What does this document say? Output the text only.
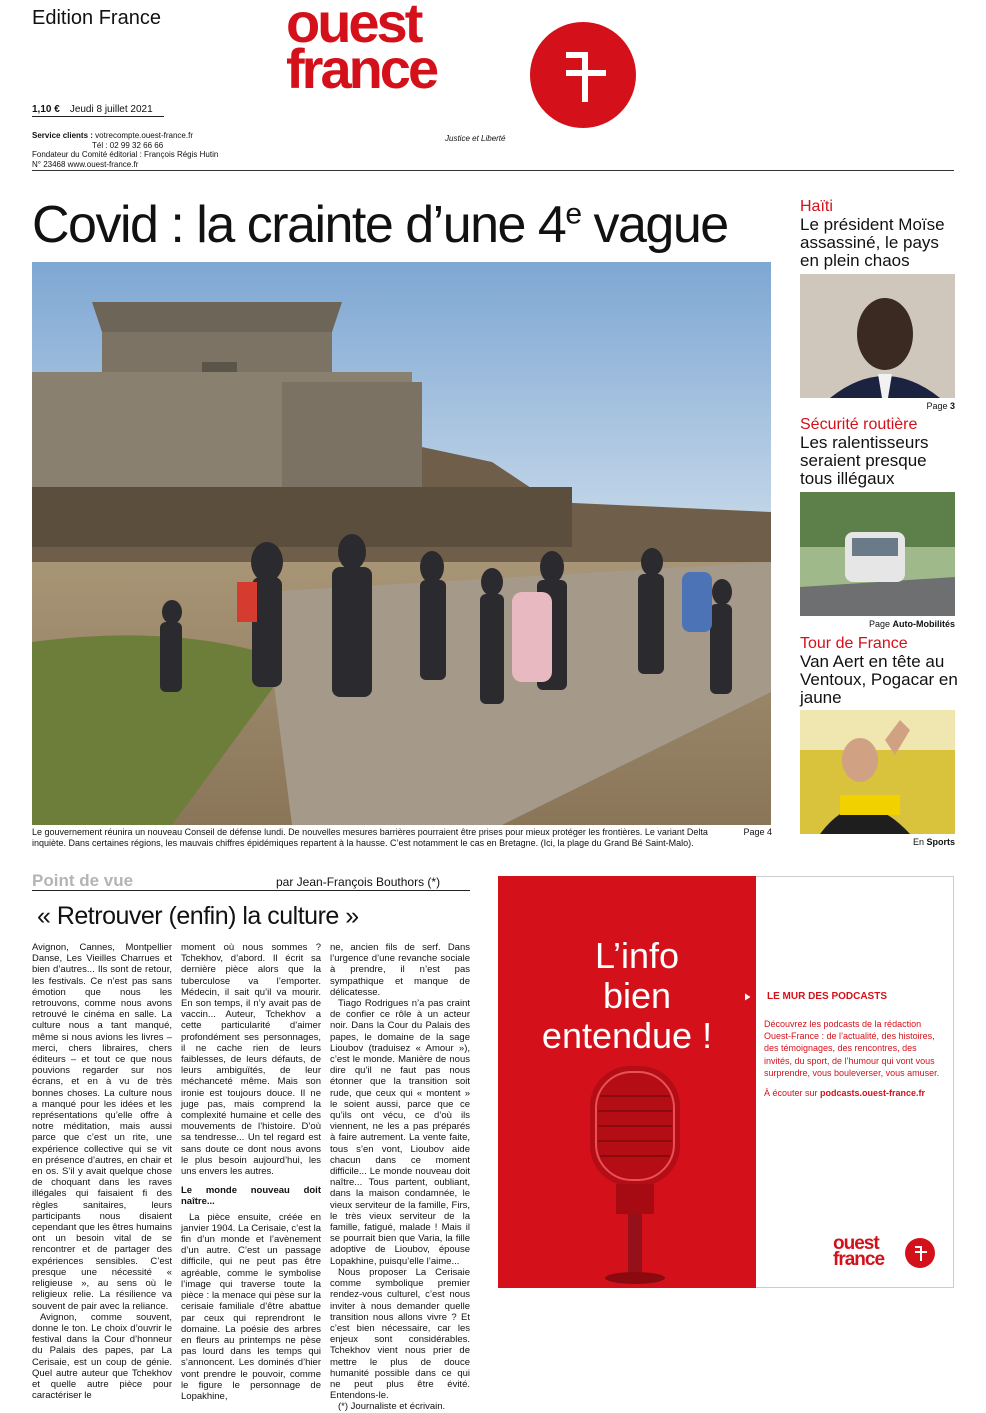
Edition France ouest
france
Justice et Liberté
1,10 € Jeudi 8 juillet 2021
Service clients : votrecompte.ouest-france.fr
Tél : 02 99 32 66 66
Fondateur du Comité éditorial : François Régis Hutin
N° 23468 www.ouest-france.fr
Covid : la crainte d’une 4e vague
Page 4
Le gouvernement réunira un nouveau Conseil de défense lundi. De nouvelles mesures barrières pourraient être prises pour mieux protéger les frontières. Le variant Delta inquiète. Dans certaines régions, les mauvais chiffres épidémiques repartent à la hausse. C’est notamment le cas en Bretagne. (Ici, la plage du Grand Bé Saint-Malo).
Haïti
Le président Moïse assassiné, le pays en plein chaos
Page 3
Sécurité routière
Les ralentisseurs seraient presque tous illégaux
Page Auto-Mobilités
Tour de France
Van Aert en tête au Ventoux, Pogacar en jaune
En Sports
Point de vue	par Jean-François Bouthors (*)
« Retrouver (enfin) la culture »

Avignon, Cannes, Montpellier Danse, Les Vieilles Charrues et bien d’autres... Ils sont de retour, les festivals. Ce n’est pas sans émotion que nous les retrouvons, comme nous avons retrouvé le cinéma en salle. La culture nous a tant manqué, même si nous avions les livres – merci, chers libraires, chers éditeurs – et tout ce que nous pouvions regarder sur nos écrans, et en à vu de très bonnes choses. La culture nous a manqué pour les idées et les représentations qu’elle offre à notre méditation, mais aussi parce que c’est un rite, une expérience collective qui se vit en présence d’autres, en chair et en os. S’il y avait quelque chose de choquant dans les raves illégales qui faisaient fi des règles sanitaires, leurs participants nous disaient cependant que les êtres humains ont un besoin vital de se rencontrer et de partager des expériences sensibles. C’est presque une nécessité « religieuse », au sens où le religieux relie. La résilience va souvent de pair avec la reliance.

Avignon, comme souvent, donne le ton. Le choix d’ouvrir le festival dans la Cour d’honneur du Palais des papes, par La Cerisaie, est un coup de génie. Quel autre auteur que Tchekhov et quelle autre pièce pour caractériser le

moment où nous sommes ? Tchekhov, d’abord. Il écrit sa dernière pièce alors que la tuberculose va l’emporter. Médecin, il sait qu’il va mourir. En son temps, il n’y avait pas de vaccin... Auteur, Tchekhov a cette particularité d’aimer profondément ses personnages, il ne cache rien de leurs faiblesses, de leurs défauts, de leurs ambiguïtés, de leur méchanceté même. Mais son ironie est toujours douce. Il ne juge pas, mais comprend la complexité humaine et celle des mouvements de l’histoire. D’où sa tendresse... Un tel regard est sans doute ce dont nous avons le plus besoin aujourd’hui, les uns envers les autres.

Le monde nouveau doit naître...

La pièce ensuite, créée en janvier 1904. La Cerisaie, c’est la fin d’un monde et l’avènement d’un autre. C’est un passage difficile, qui ne peut pas être agréable, comme le symbolise l’image qui traverse toute la pièce : la menace qui pèse sur la cerisaie familiale d’être abattue par ceux qui reprendront le domaine. La poésie des arbres en fleurs au printemps ne pèse pas lourd dans les temps qui s’annoncent. Les dominés d’hier vont prendre le pouvoir, comme le figure le personnage de Lopakhine,

ne, ancien fils de serf. Dans l’urgence d’une revanche sociale à prendre, il n’est pas sympathique et manque de délicatesse.

Tiago Rodrigues n’a pas craint de confier ce rôle à un acteur noir. Dans la Cour du Palais des papes, le domaine de la sage Lioubov (traduisez « Amour »), c’est le monde. Manière de nous dire qu’il ne faut pas nous étonner que la transition soit rude, que ceux qui « montent » le soient aussi, parce que ce qu’ils ont vécu, ce d’où ils viennent, ne les a pas préparés à faire autrement. La vente faite, tous s’en vont, Lioubov aide chacun dans ce moment difficile... Le monde nouveau doit naître... Tous partent, oubliant, dans la maison condamnée, le vieux serviteur de la famille, Firs, le très vieux serviteur de la famille, fatigué, malade ! Mais il se pourrait bien que Varia, la fille adoptive de Lioubov, épouse Lopakhine, puisqu’elle l’aime...

Nous proposer La Cerisaie comme symbolique premier rendez-vous culturel, c’est nous inviter à nous demander quelle transition nous allons vivre ? Et c’est bien nécessaire, car les enjeux sont considérables. Tchekhov vient nous prier de mettre le plus de douce humanité possible dans ce qui ne peut plus être évité. Entendons-le.

(*) Journaliste et écrivain.

L’info
bien
entendue !
LE MUR DES PODCASTS
Découvrez les podcasts de la rédaction Ouest-France : de l’actualité, des histoires, des témoignages, des rencontres, des invités, du sport, de l’humour qui vont vous surprendre, vous bouleverser, vous amuser.
À écouter sur podcasts.ouest-france.fr
ouest
france
